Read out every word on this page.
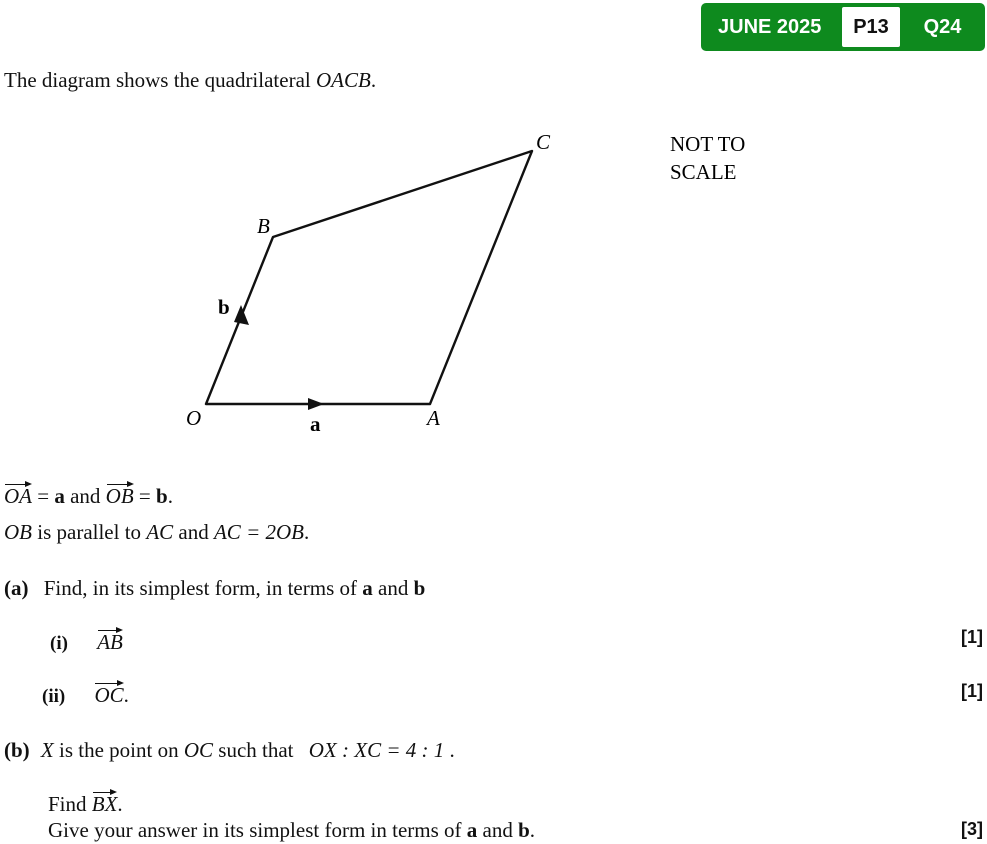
JUNE 2025	P13	Q24
The diagram shows the quadrilateral OACB.
O	A
B
C
a
b
NOT TO
SCALE
OA = a and OB = b.
OB is parallel to AC and AC = 2OB.
(a) Find, in its simplest form, in terms of a and b
(i) AB	[1]
(ii) OC.	[1]
(b) X is the point on OC such that OX : XC = 4 : 1 .
Find BX.
Give your answer in its simplest form in terms of a and b.	[3]
